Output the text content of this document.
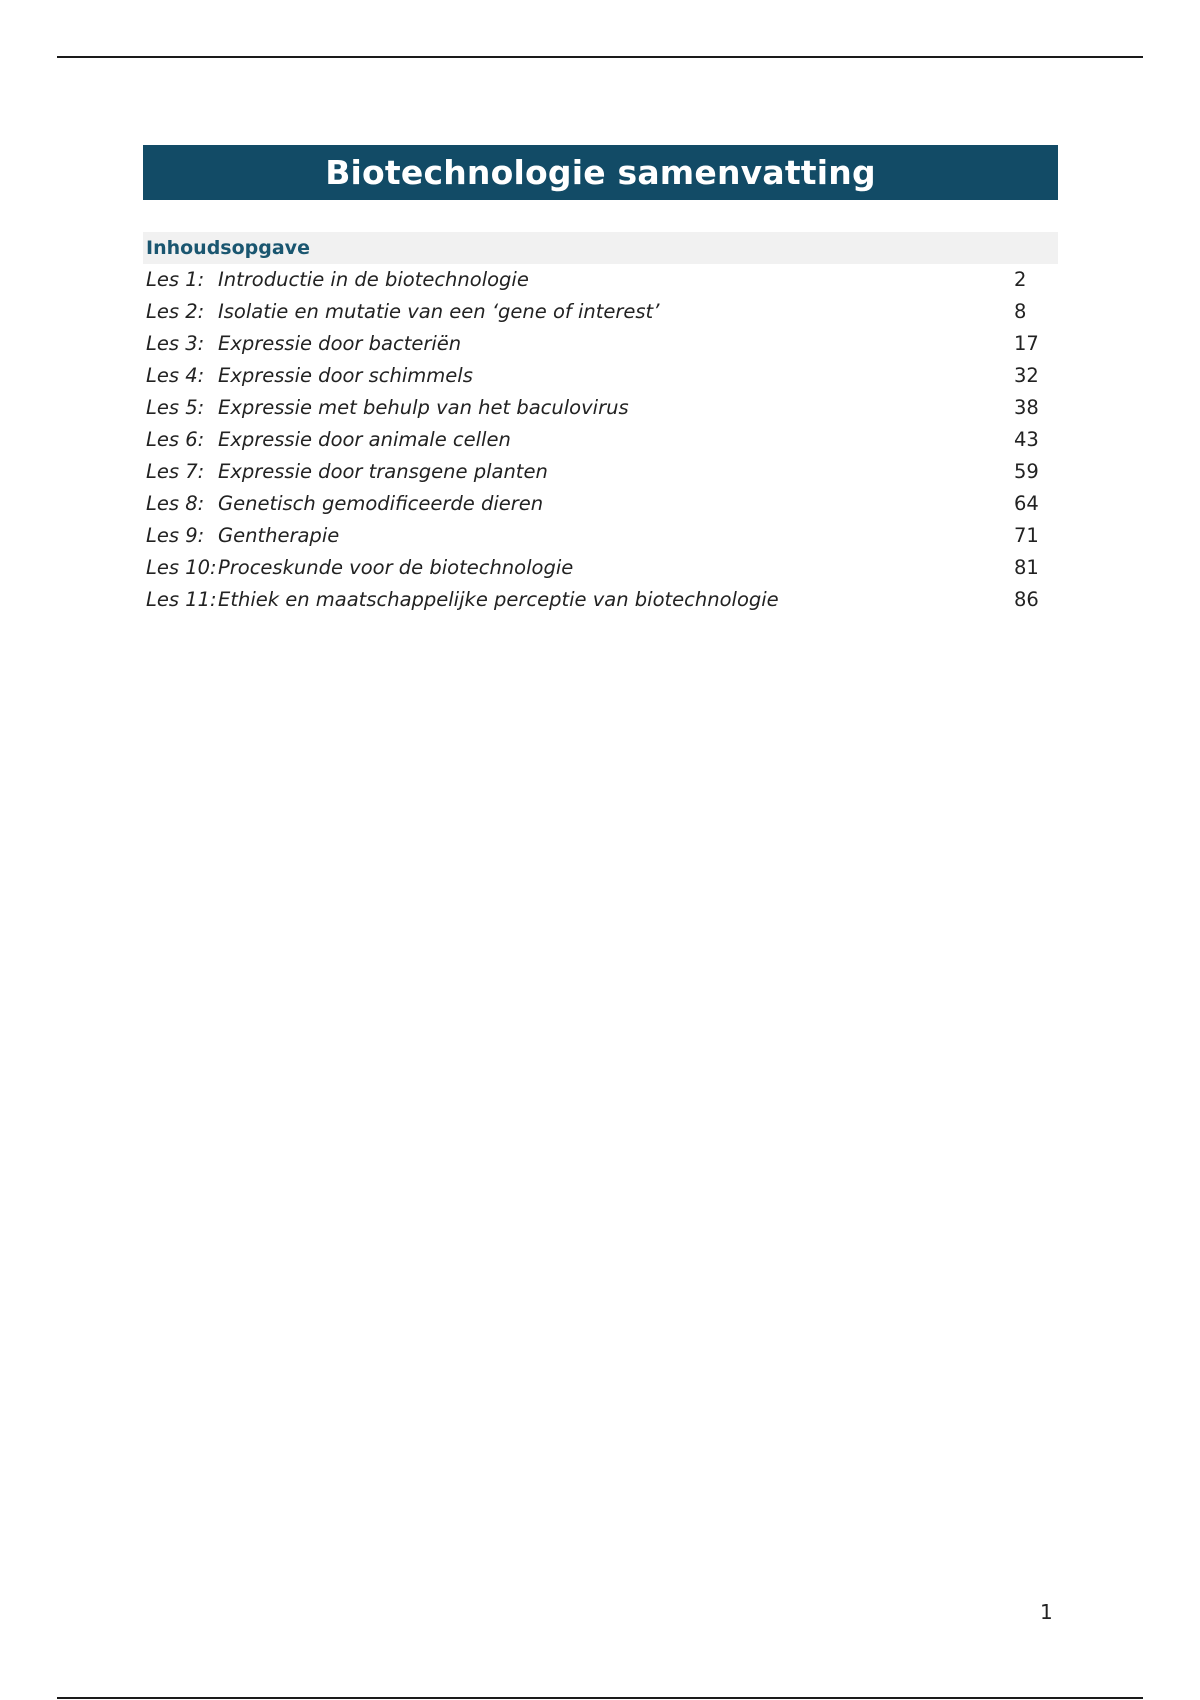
Biotechnologie samenvatting
Inhoudsopgave
Les 1: Introductie in de biotechnologie	2
Les 2: Isolatie en mutatie van een ‘gene of interest’	8
Les 3: Expressie door bacteriën	17
Les 4: Expressie door schimmels	32
Les 5: Expressie met behulp van het baculovirus	38
Les 6: Expressie door animale cellen	43
Les 7: Expressie door transgene planten	59
Les 8: Genetisch gemodificeerde dieren	64
Les 9: Gentherapie	71
Les 10: Proceskunde voor de biotechnologie	81
Les 11: Ethiek en maatschappelijke perceptie van biotechnologie	86
1
